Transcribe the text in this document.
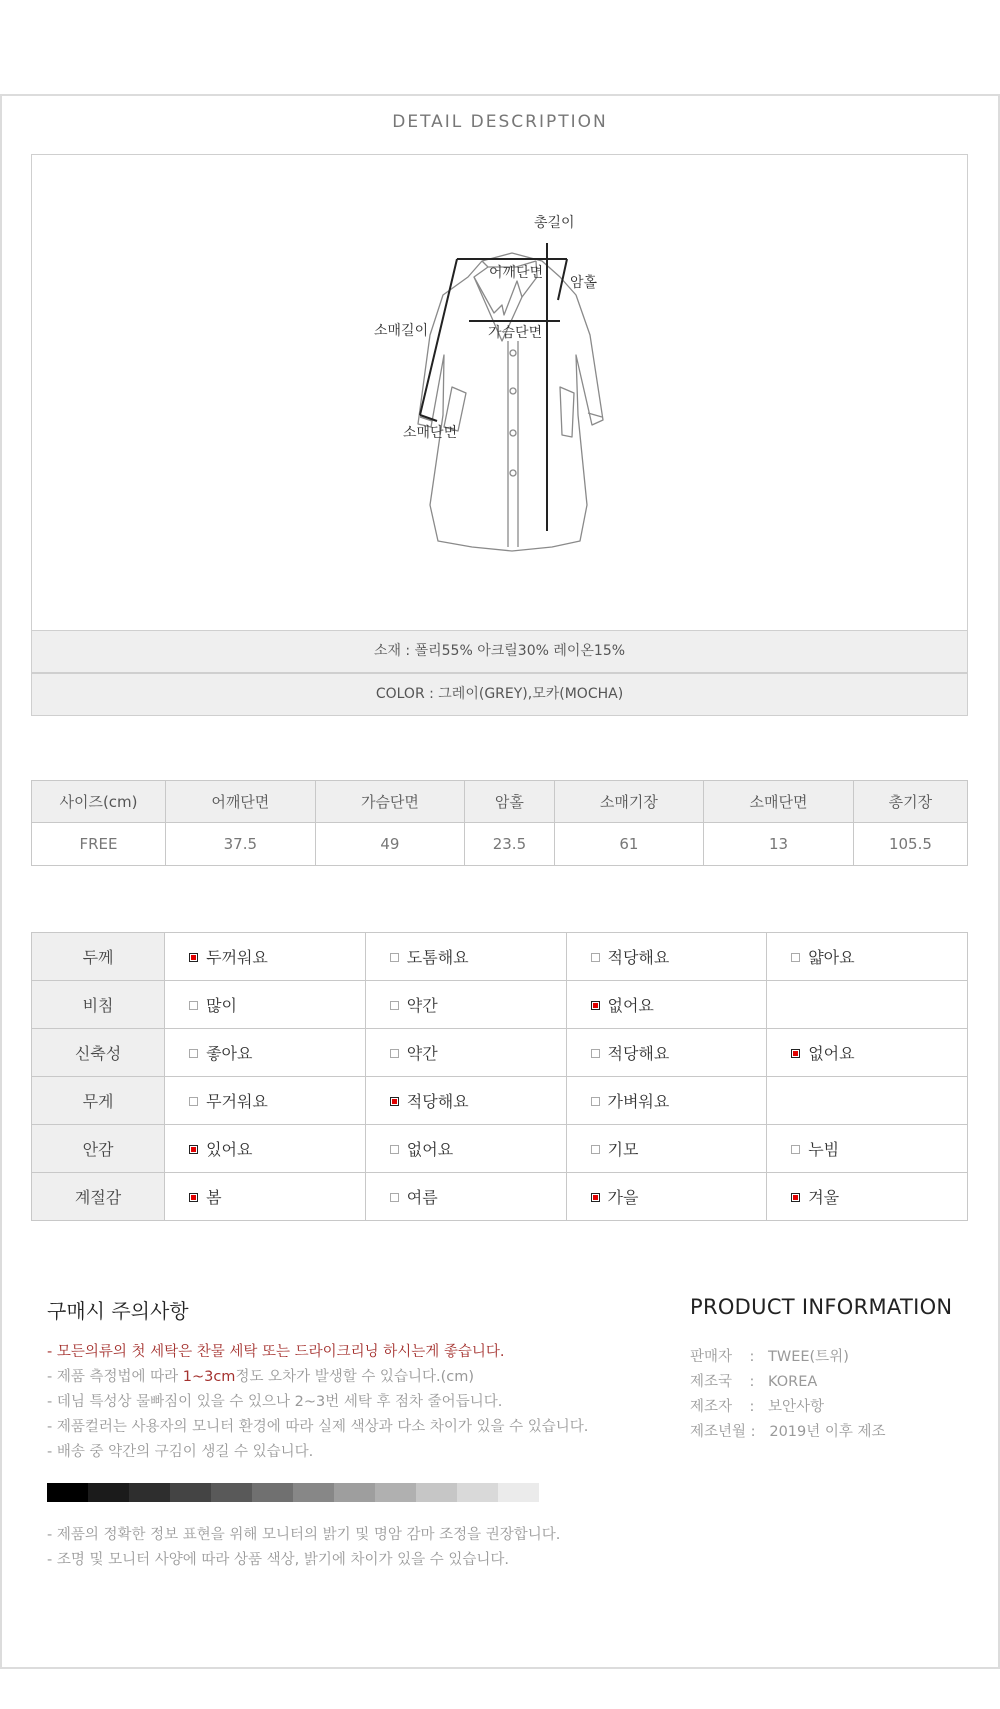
DETAIL DESCRIPTION
총길이
어깨단면
암홀
소매길이	가슴단면
소매단면
소재 : 폴리55% 아크릴30% 레이온15%
COLOR : 그레이(GREY),모카(MOCHA)
사이즈(cm)	어깨단면	가슴단면	암홀	소매기장	소매단면	총기장
FREE	37.5	49	23.5	61	13	105.5
두께	두꺼워요	도톰해요	적당해요	얇아요
비침	많이	약간	없어요	
신축성	좋아요	약간	적당해요	없어요
무게	무거워요	적당해요	가벼워요	
안감	있어요	없어요	기모	누빔
계절감	봄	여름	가을	겨울
구매시 주의사항
- 모든의류의 첫 세탁은 찬물 세탁 또는 드라이크리닝 하시는게 좋습니다.
- 제품 측정법에 따라 1~3cm정도 오차가 발생할 수 있습니다.(cm)
- 데님 특성상 물빠짐이 있을 수 있으나 2~3번 세탁 후 점차 줄어듭니다.
- 제품컬러는 사용자의 모니터 환경에 따라 실제 색상과 다소 차이가 있을 수 있습니다.
- 배송 중 약간의 구김이 생길 수 있습니다.
- 제품의 정확한 정보 표현을 위해 모니터의 밝기 및 명암 감마 조정을 권장합니다.
- 조명 및 모니터 사양에 따라 상품 색상, 밝기에 차이가 있을 수 있습니다.
PRODUCT INFORMATION
판매자 : TWEE(트위)
제조국 : KOREA
제조자 : 보안사항
제조년월 : 2019년 이후 제조
